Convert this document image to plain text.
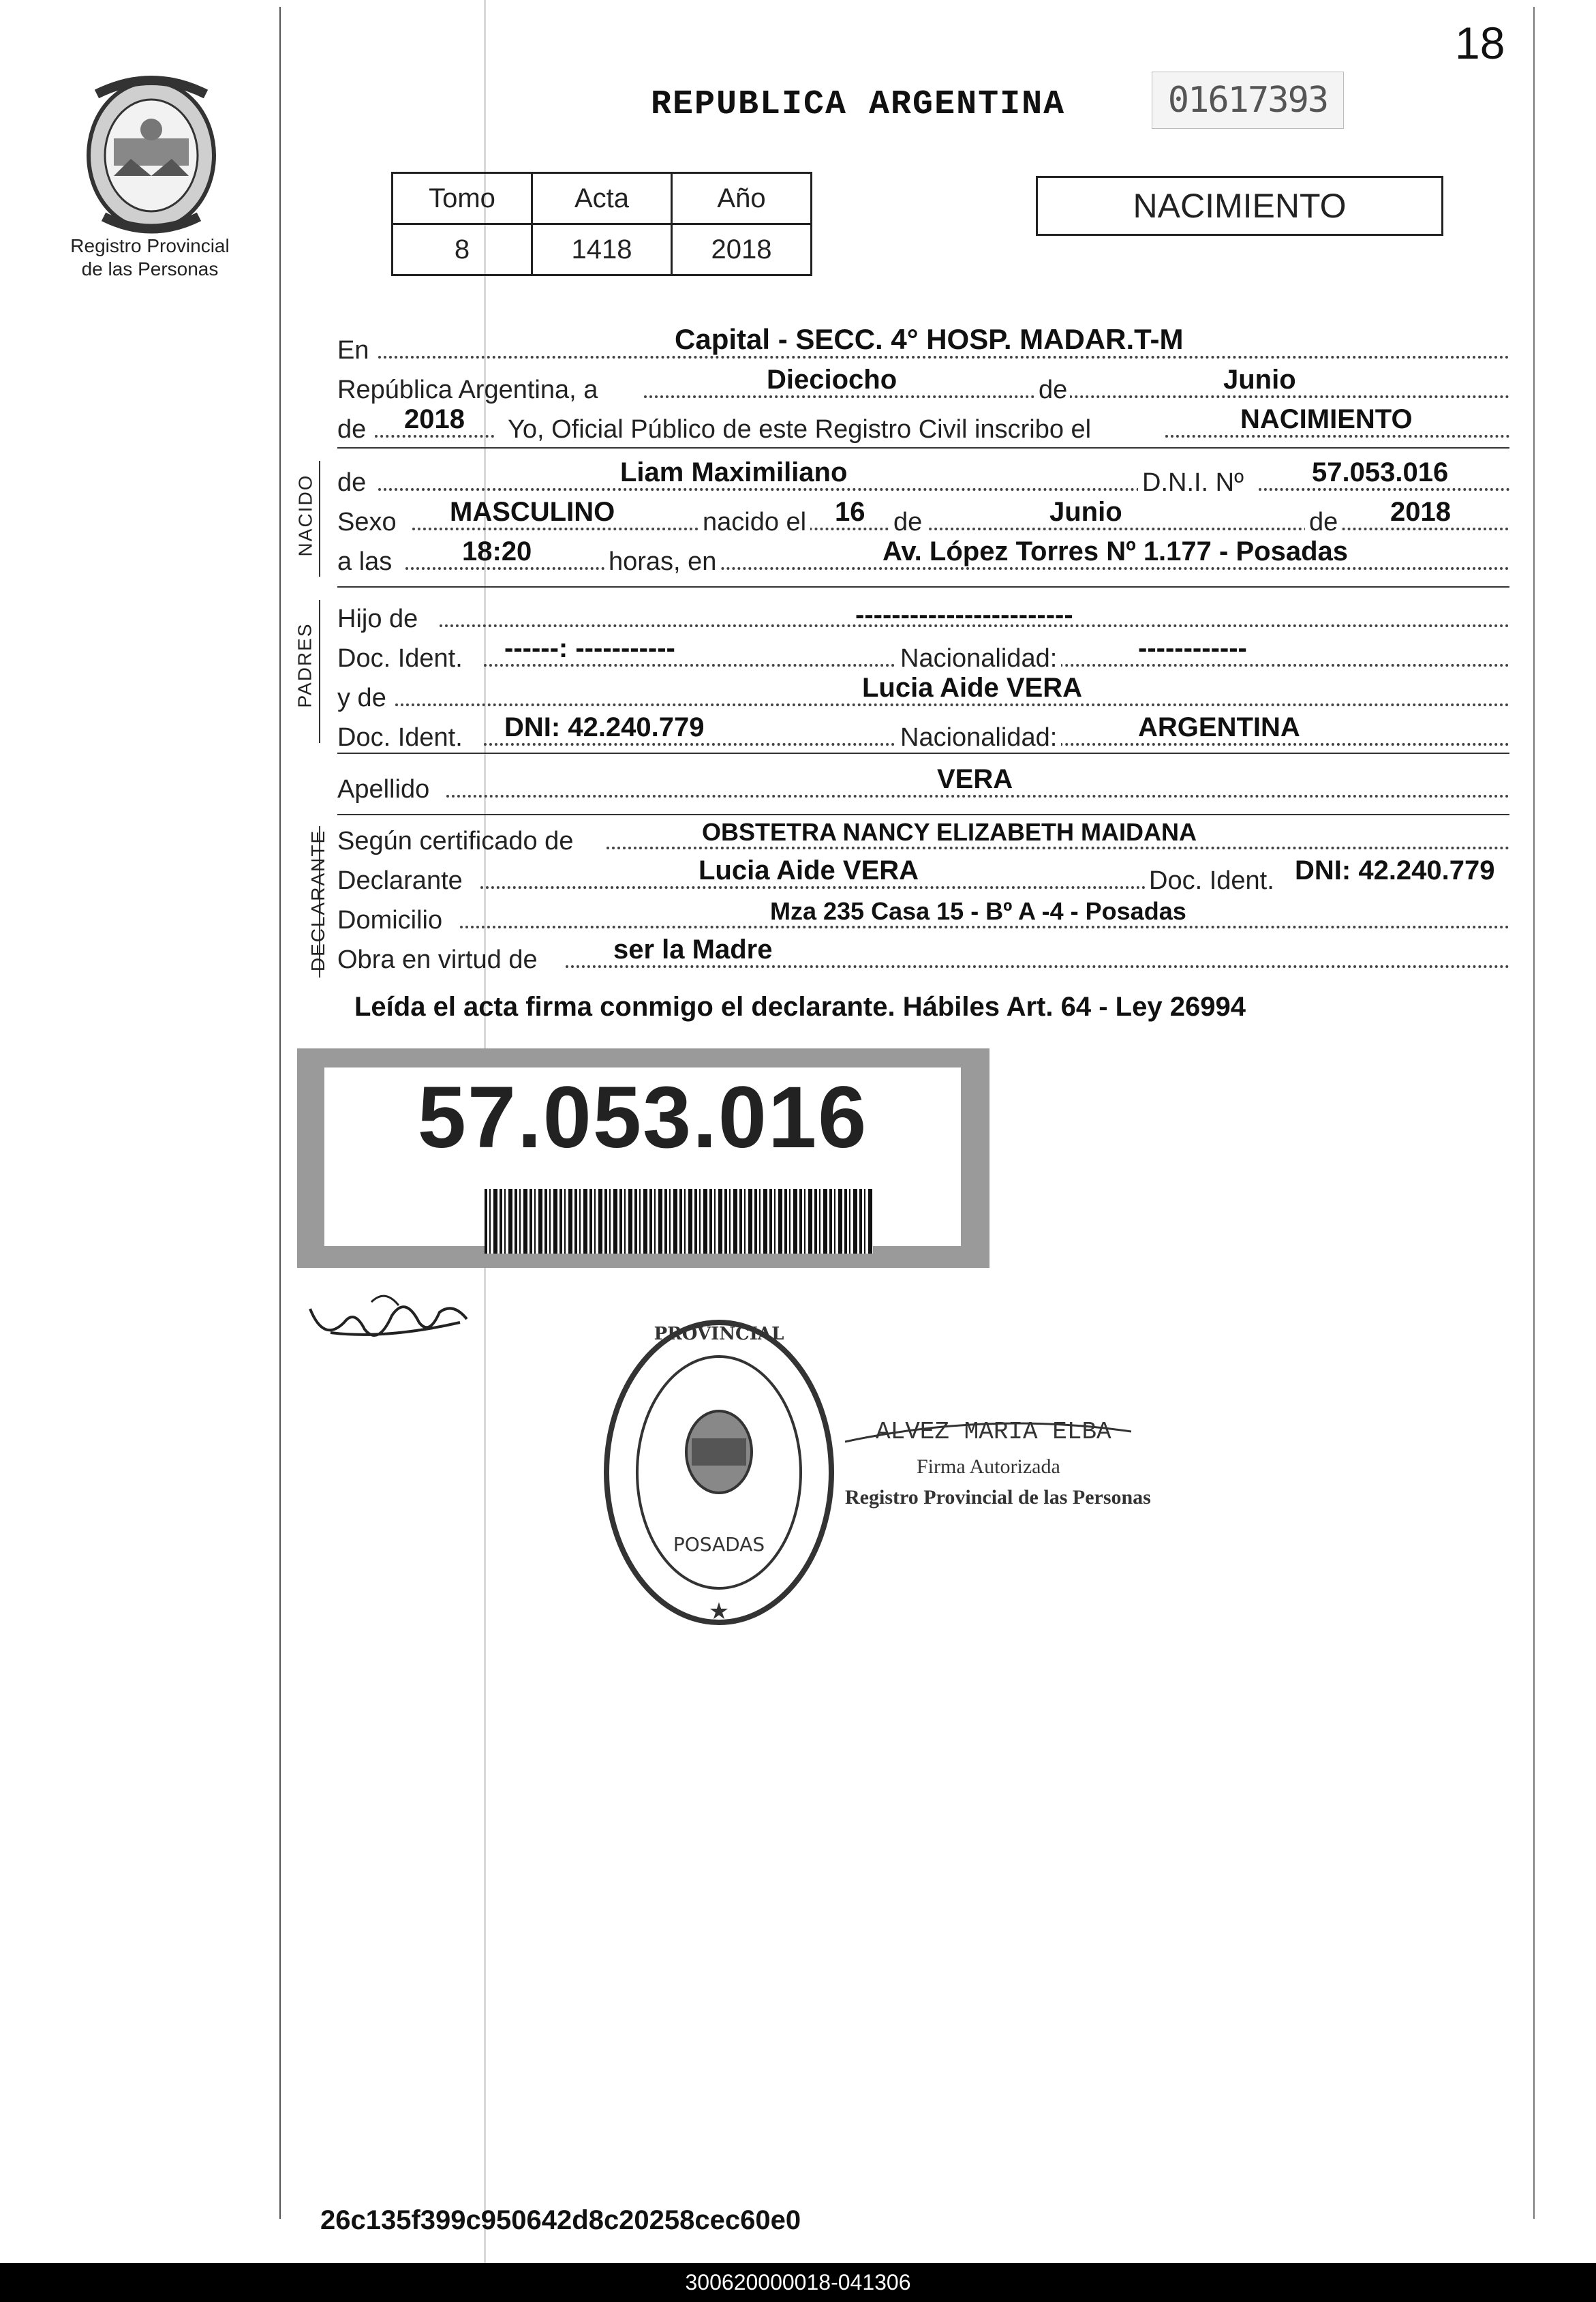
Registro Provincial
de las Personas
18
REPUBLICA ARGENTINA	01617393
Tomo	Acta	Año
8	1418	2018
NACIMIENTO
En	Capital - SECC. 4° HOSP. MADAR.T-M
República Argentina, a	Dieciocho	de	Junio
de 2018 Yo, Oficial Público de este Registro Civil inscribo el	NACIMIENTO
NACIDO de	Liam Maximiliano	D.N.I. Nº	57.053.016
Sexo MASCULINO	nacido el 16 de	Junio	de 2018
a las	18:20	horas, en	Av. López Torres Nº 1.177 - Posadas
PADRES
Hijo de	------------------------
Doc. Ident. ------: -----------	Nacionalidad:	------------
y de	Lucia Aide VERA
Doc. Ident. DNI: 42.240.779	Nacionalidad:	ARGENTINA
Apellido	VERA
DECLARANTE Según certificado de	OBSTETRA NANCY ELIZABETH MAIDANA
Declarante	Lucia Aide VERA	Doc. Ident. DNI: 42.240.779
Domicilio	Mza 235 Casa 15 - Bº A -4 - Posadas
Obra en virtud de	ser la Madre
Leída el acta firma conmigo el declarante. Hábiles Art. 64 - Ley 26994
57.053.016
PROVINCIAL
★
POSADAS
ALVEZ MARIA ELBA
Firma Autorizada
Registro Provincial de las Personas
26c135f399c950642d8c20258cec60e0
300620000018-041306
